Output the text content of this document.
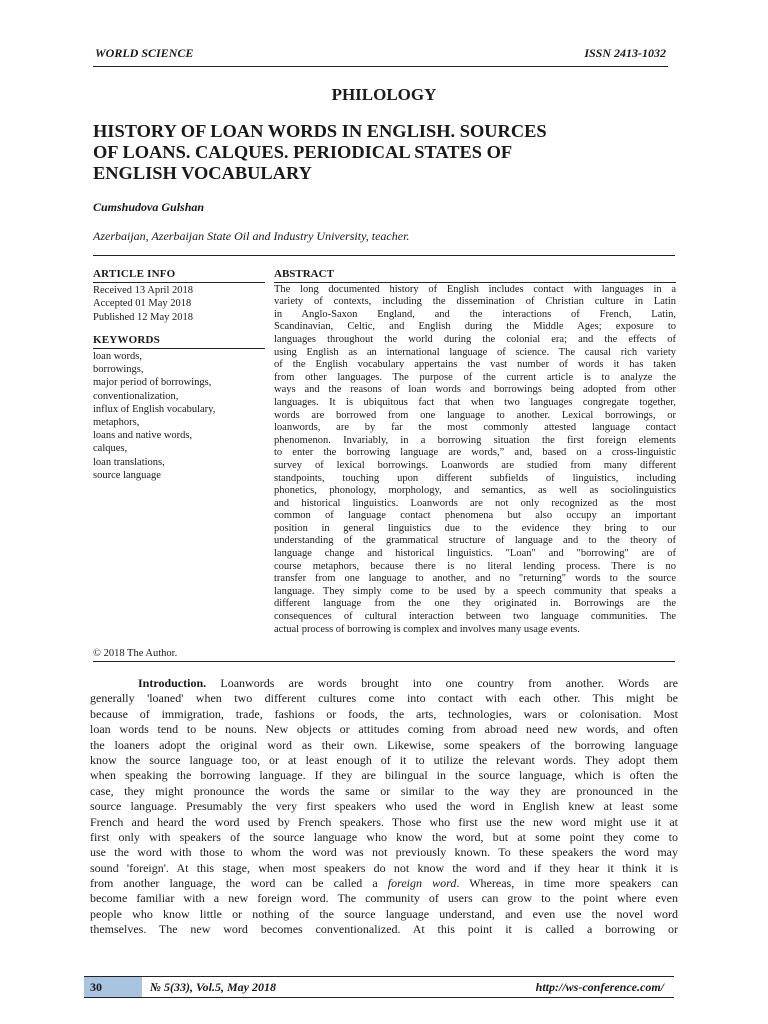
WORLD SCIENCE	ISSN 2413-1032
PHILOLOGY
HISTORY OF LOAN WORDS IN ENGLISH. SOURCES
OF LOANS. CALQUES. PERIODICAL STATES OF
ENGLISH VOCABULARY
Cumshudova Gulshan
Azerbaijan, Azerbaijan State Oil and Industry University, teacher.
ARTICLE INFO
Received 13 April 2018
Accepted 01 May 2018
Published 12 May 2018
KEYWORDS
loan words,
borrowings,
major period of borrowings,
conventionalization,
influx of English vocabulary,
metaphors,
loans and native words,
calques,
loan translations,
source language
© 2018 The Author.
ABSTRACT
The long documented history of English includes contact with languages in a
variety of contexts, including the dissemination of Christian culture in Latin
in Anglo-Saxon England, and the interactions of French, Latin,
Scandinavian, Celtic, and English during the Middle Ages; exposure to
languages throughout the world during the colonial era; and the effects of
using English as an international language of science. The causal rich variety
of the English vocabulary appertains the vast number of words it has taken
from other languages. The purpose of the current article is to analyze the
ways and the reasons of loan words and borrowings being adopted from other
languages. It is ubiquitous fact that when two languages congregate together,
words are borrowed from one language to another. Lexical borrowings, or
loanwords, are by far the most commonly attested language contact
phenomenon. Invariably, in a borrowing situation the first foreign elements
to enter the borrowing language are words,” and, based on a cross-linguistic
survey of lexical borrowings. Loanwords are studied from many different
standpoints, touching upon different subfields of linguistics, including
phonetics, phonology, morphology, and semantics, as well as sociolinguistics
and historical linguistics. Loanwords are not only recognized as the most
common of language contact phenomena but also occupy an important
position in general linguistics due to the evidence they bring to our
understanding of the grammatical structure of language and to the theory of
language change and historical linguistics. "Loan" and "borrowing" are of
course metaphors, because there is no literal lending process. There is no
transfer from one language to another, and no "returning" words to the source
language. They simply come to be used by a speech community that speaks a
different language from the one they originated in. Borrowings are the
consequences of cultural interaction between two language communities. The
actual process of borrowing is complex and involves many usage events.
Introduction. Loanwords are words brought into one country from another. Words are
generally 'loaned' when two different cultures come into contact with each other. This might be
because of immigration, trade, fashions or foods, the arts, technologies, wars or colonisation. Most
loan words tend to be nouns. New objects or attitudes coming from abroad need new words, and often
the loaners adopt the original word as their own. Likewise, some speakers of the borrowing language
know the source language too, or at least enough of it to utilize the relevant words. They adopt them
when speaking the borrowing language. If they are bilingual in the source language, which is often the
case, they might pronounce the words the same or similar to the way they are pronounced in the
source language. Presumably the very first speakers who used the word in English knew at least some
French and heard the word used by French speakers. Those who first use the new word might use it at
first only with speakers of the source language who know the word, but at some point they come to
use the word with those to whom the word was not previously known. To these speakers the word may
sound 'foreign'. At this stage, when most speakers do not know the word and if they hear it think it is
from another language, the word can be called a foreign word. Whereas, in time more speakers can
become familiar with a new foreign word. The community of users can grow to the point where even
people who know little or nothing of the source language understand, and even use the novel word
themselves. The new word becomes conventionalized. At this point it is called a borrowing or
30	№ 5(33), Vol.5, May 2018	http://ws-conference.com/
